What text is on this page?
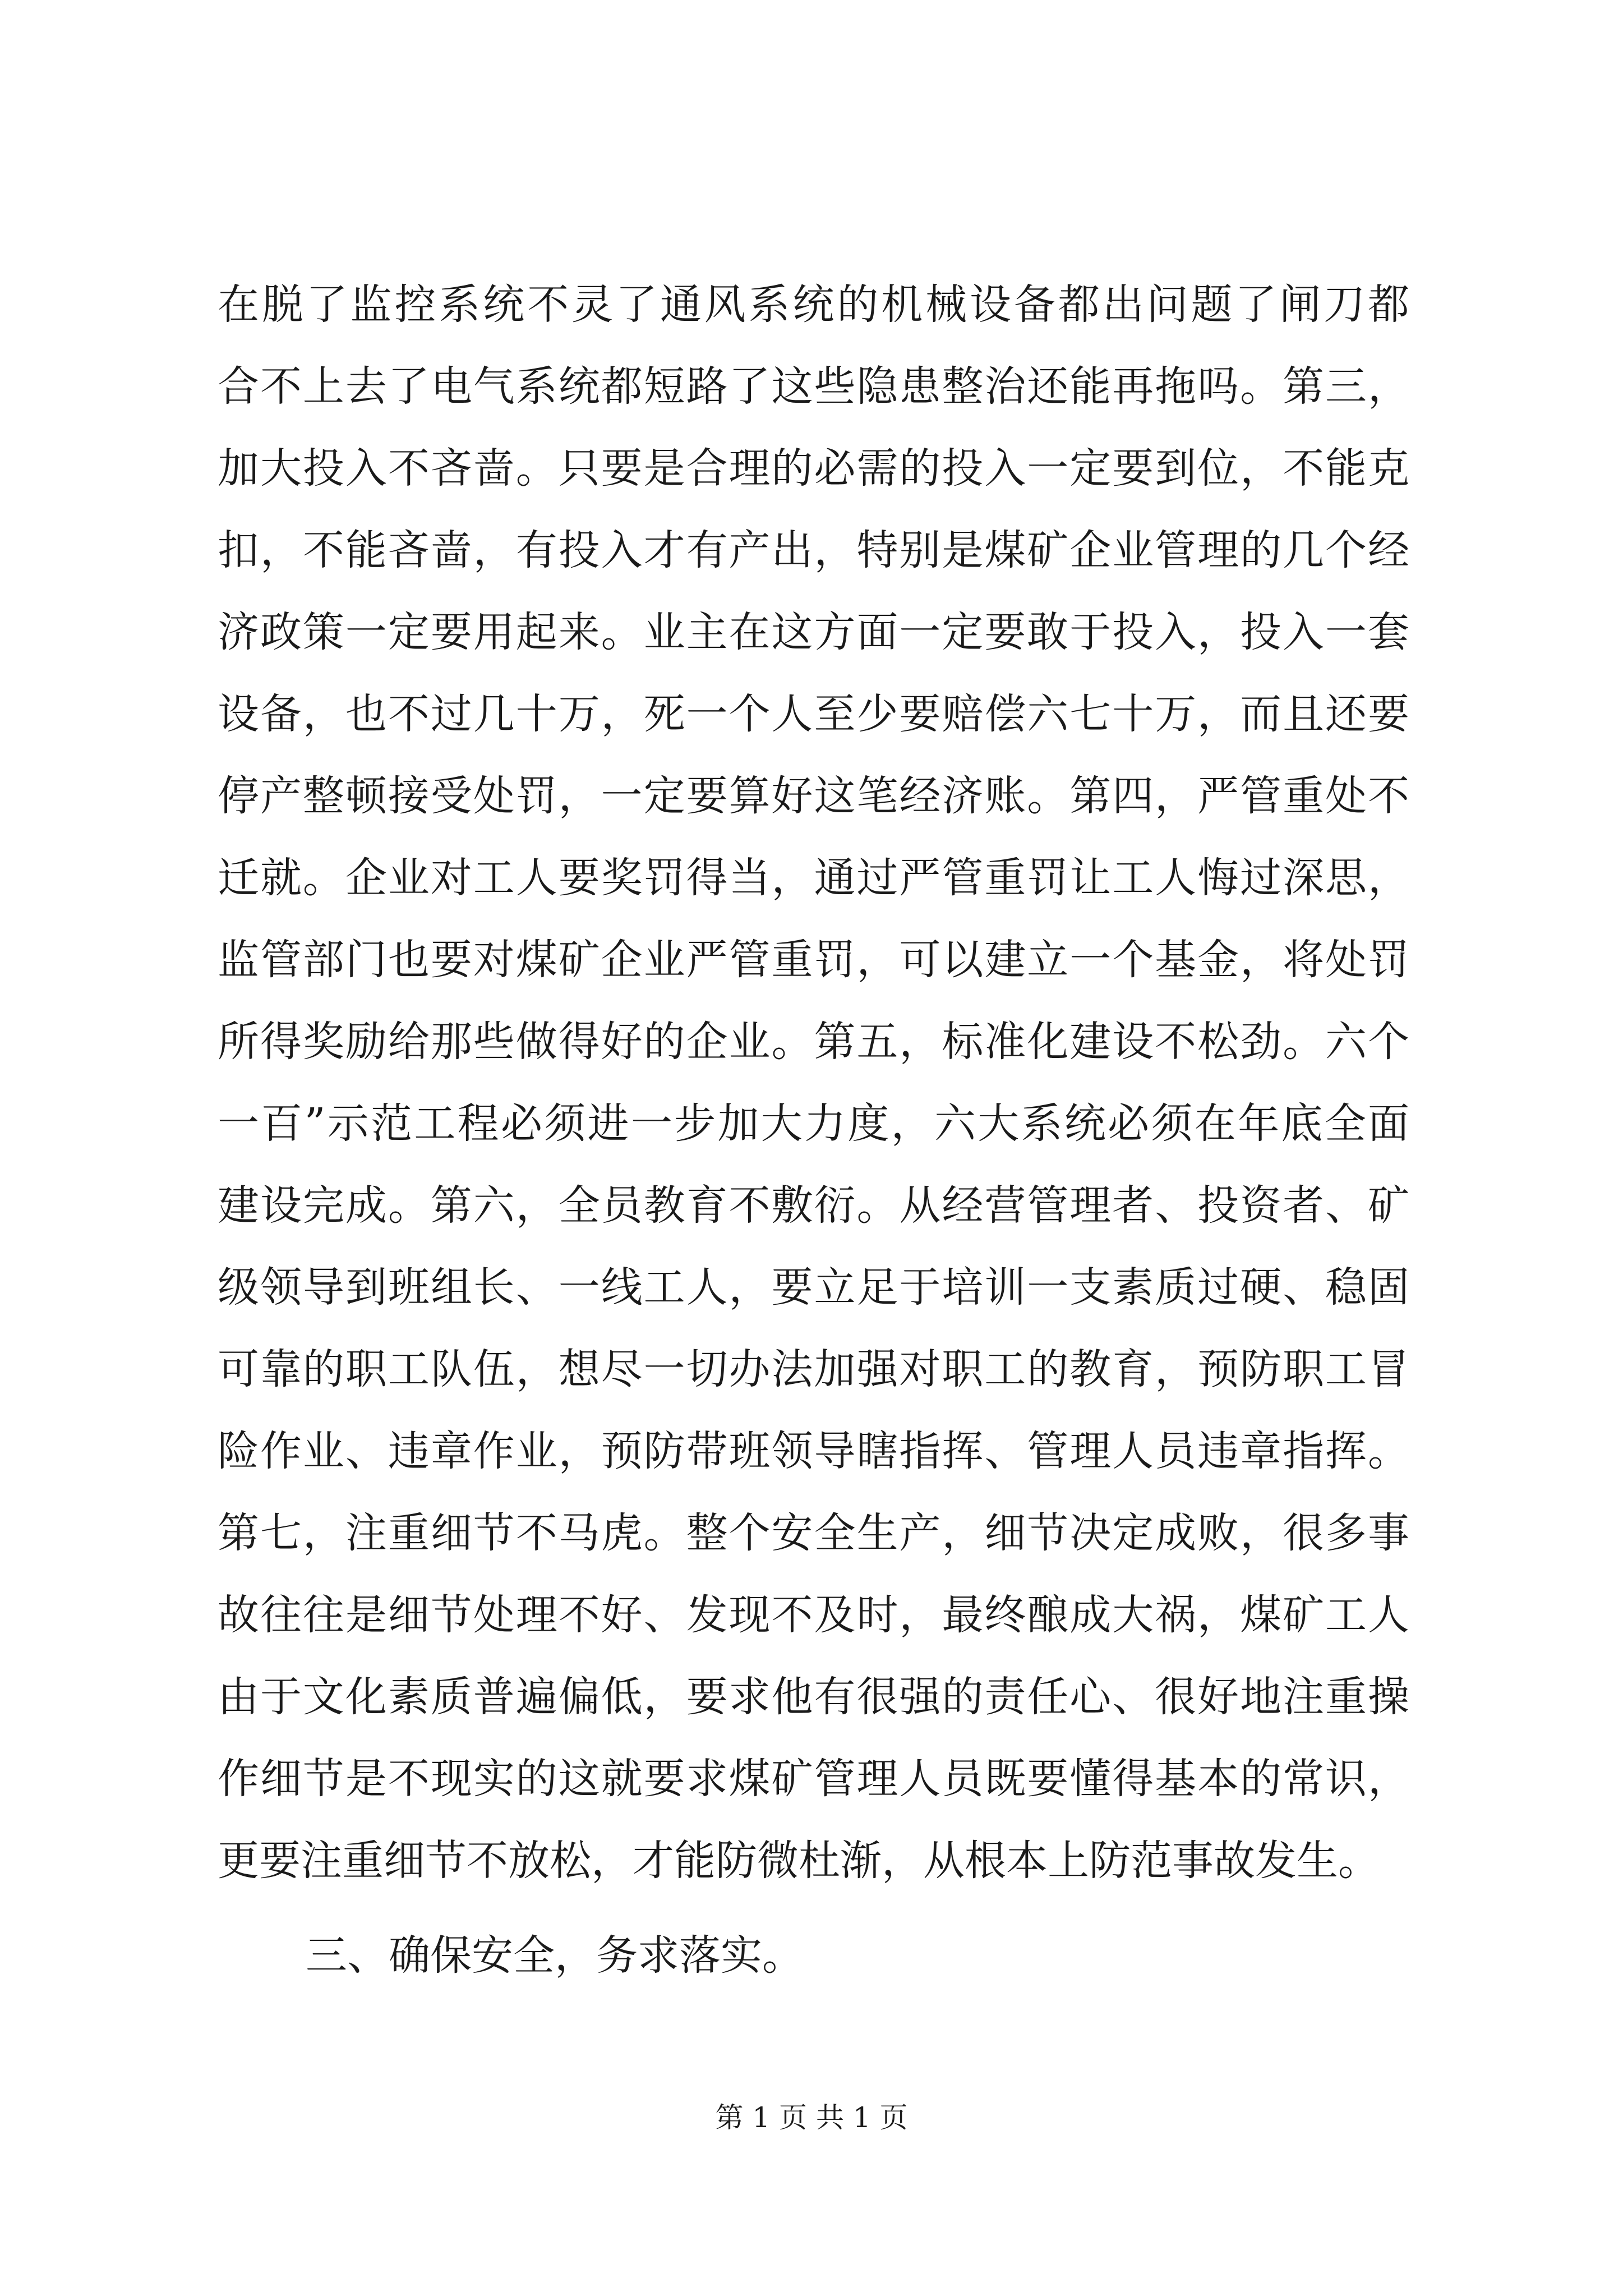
在脱了监控系统不灵了通风系统的机械设备都出问题了闸刀都
合不上去了电气系统都短路了这些隐患整治还能再拖吗。第三，
加大投入不吝啬。只要是合理的必需的投入一定要到位，不能克
扣，不能吝啬，有投入才有产出，特别是煤矿企业管理的几个经
济政策一定要用起来。业主在这方面一定要敢于投入，投入一套
设备，也不过几十万，死一个人至少要赔偿六七十万，而且还要
停产整顿接受处罚，一定要算好这笔经济账。第四，严管重处不
迁就。企业对工人要奖罚得当，通过严管重罚让工人悔过深思，
监管部门也要对煤矿企业严管重罚，可以建立一个基金，将处罚
所得奖励给那些做得好的企业。第五，标准化建设不松劲。六个
一百”示范工程必须进一步加大力度，六大系统必须在年底全面
建设完成。第六，全员教育不敷衍。从经营管理者、投资者、矿
级领导到班组长、一线工人，要立足于培训一支素质过硬、稳固
可靠的职工队伍，想尽一切办法加强对职工的教育，预防职工冒
险作业、违章作业，预防带班领导瞎指挥、管理人员违章指挥。
第七，注重细节不马虎。整个安全生产，细节决定成败，很多事
故往往是细节处理不好、发现不及时，最终酿成大祸，煤矿工人
由于文化素质普遍偏低，要求他有很强的责任心、很好地注重操
作细节是不现实的这就要求煤矿管理人员既要懂得基本的常识，
更要注重细节不放松，才能防微杜渐，从根本上防范事故发生。

三、确保安全，务求落实。

第 1 页 共 1 页
